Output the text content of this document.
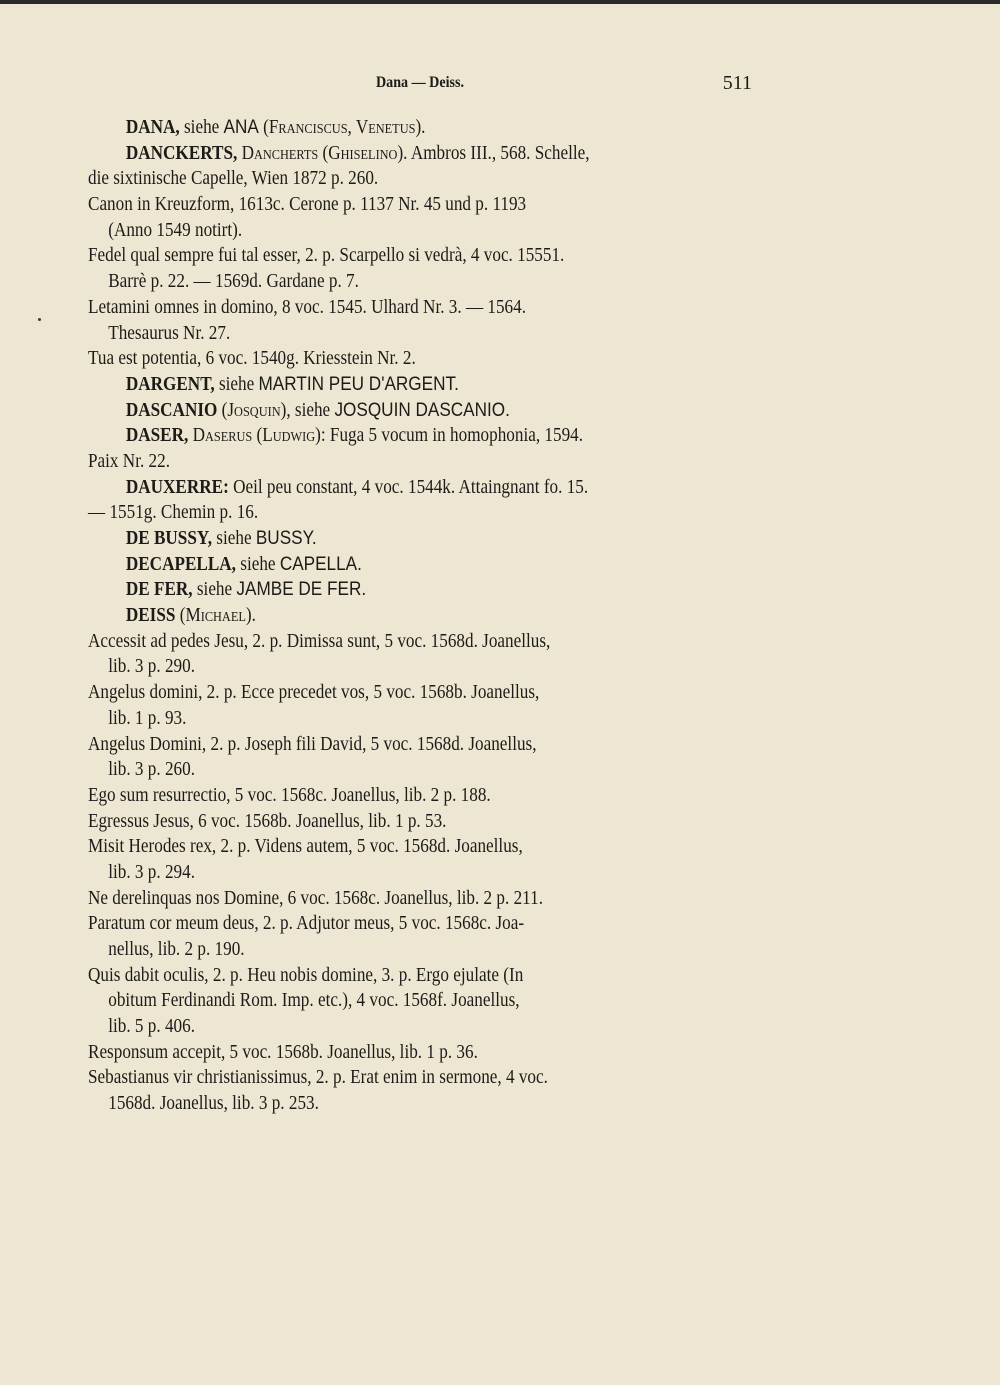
Dana — Deiss.	511
DANA, siehe ANA (Franciscus, Venetus).
DANCKERTS, Dancherts (Ghiselino). Ambros III., 568. Schelle,
die sixtinische Capelle, Wien 1872 p. 260.
Canon in Kreuzform, 1613c. Cerone p. 1137 Nr. 45 und p. 1193
(Anno 1549 notirt).
Fedel qual sempre fui tal esser, 2. p. Scarpello si vedrà, 4 voc. 15551.
Barrè p. 22. — 1569d. Gardane p. 7.
Letamini omnes in domino, 8 voc. 1545. Ulhard Nr. 3. — 1564.
Thesaurus Nr. 27.
Tua est potentia, 6 voc. 1540g. Kriesstein Nr. 2.
DARGENT, siehe MARTIN PEU D'ARGENT.
DASCANIO (Josquin), siehe JOSQUIN DASCANIO.
DASER, Daserus (Ludwig): Fuga 5 vocum in homophonia, 1594.
Paix Nr. 22.
DAUXERRE: Oeil peu constant, 4 voc. 1544k. Attaingnant fo. 15.
— 1551g. Chemin p. 16.
DE BUSSY, siehe BUSSY.
DECAPELLA, siehe CAPELLA.
DE FER, siehe JAMBE DE FER.
DEISS (Michael).
Accessit ad pedes Jesu, 2. p. Dimissa sunt, 5 voc. 1568d. Joanellus,
lib. 3 p. 290.
Angelus domini, 2. p. Ecce precedet vos, 5 voc. 1568b. Joanellus,
lib. 1 p. 93.
Angelus Domini, 2. p. Joseph fili David, 5 voc. 1568d. Joanellus,
lib. 3 p. 260.
Ego sum resurrectio, 5 voc. 1568c. Joanellus, lib. 2 p. 188.
Egressus Jesus, 6 voc. 1568b. Joanellus, lib. 1 p. 53.
Misit Herodes rex, 2. p. Videns autem, 5 voc. 1568d. Joanellus,
lib. 3 p. 294.
Ne derelinquas nos Domine, 6 voc. 1568c. Joanellus, lib. 2 p. 211.
Paratum cor meum deus, 2. p. Adjutor meus, 5 voc. 1568c. Joa-
nellus, lib. 2 p. 190.
Quis dabit oculis, 2. p. Heu nobis domine, 3. p. Ergo ejulate (In
obitum Ferdinandi Rom. Imp. etc.), 4 voc. 1568f. Joanellus,
lib. 5 p. 406.
Responsum accepit, 5 voc. 1568b. Joanellus, lib. 1 p. 36.
Sebastianus vir christianissimus, 2. p. Erat enim in sermone, 4 voc.
1568d. Joanellus, lib. 3 p. 253.
